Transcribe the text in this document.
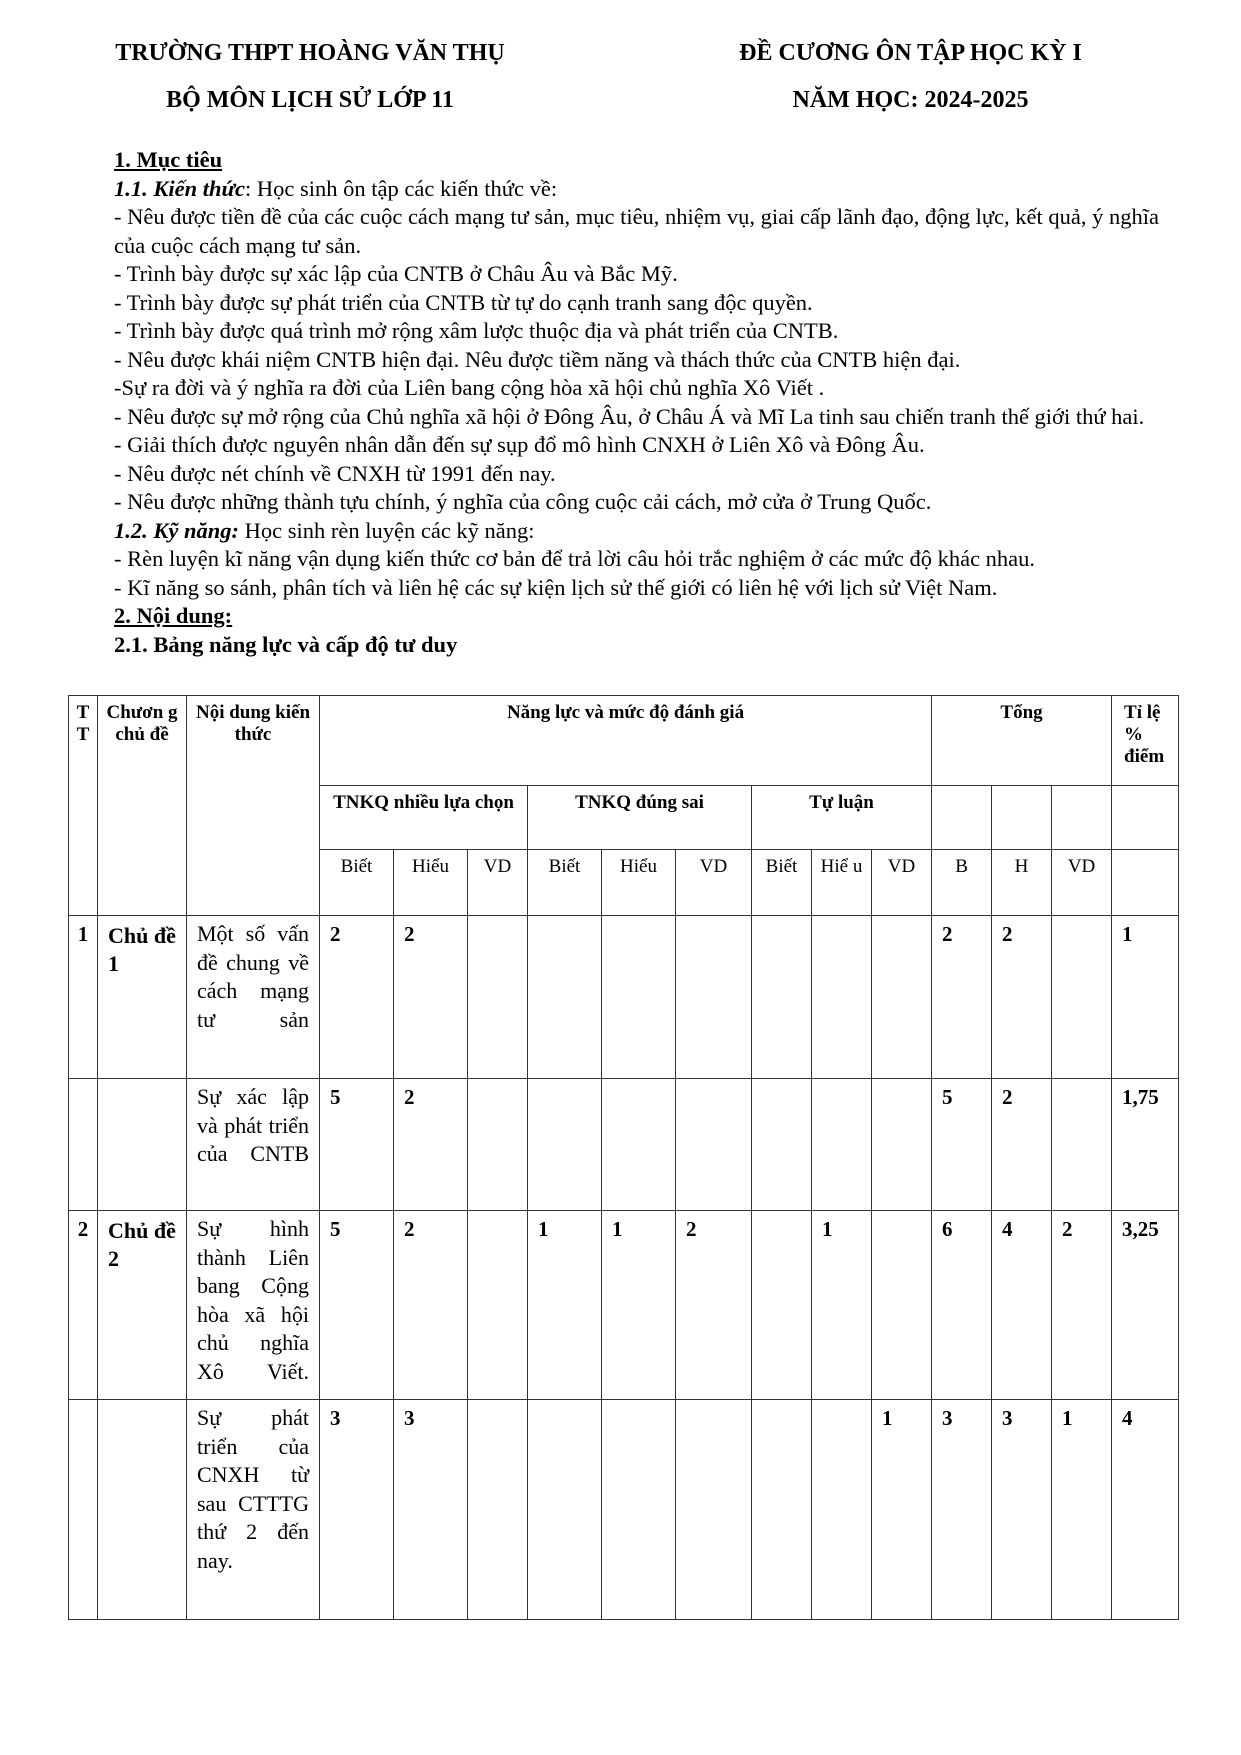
TRƯỜNG THPT HOÀNG VĂN THỤ	ĐỀ CƯƠNG ÔN TẬP HỌC KỲ I
BỘ MÔN LỊCH SỬ LỚP 11	NĂM HỌC: 2024-2025

1. Mục tiêu

1.1. Kiến thức: Học sinh ôn tập các kiến thức về:

- Nêu được tiền đề của các cuộc cách mạng tư sản, mục tiêu, nhiệm vụ, giai cấp lãnh đạo, động lực, kết quả, ý nghĩa của cuộc cách mạng tư sản.

- Trình bày được sự xác lập của CNTB ở Châu Âu và Bắc Mỹ.

- Trình bày được sự phát triển của CNTB từ tự do cạnh tranh sang độc quyền.

- Trình bày được quá trình mở rộng xâm lược thuộc địa và phát triển của CNTB.

- Nêu được khái niệm CNTB hiện đại. Nêu được tiềm năng và thách thức của CNTB hiện đại.

-Sự ra đời và ý nghĩa ra đời của Liên bang cộng hòa xã hội chủ nghĩa Xô Viết .

- Nêu được sự mở rộng của Chủ nghĩa xã hội ở Đông Âu, ở Châu Á và Mĩ La tinh sau chiến tranh thế giới thứ hai.

- Giải thích được nguyên nhân dẫn đến sự sụp đổ mô hình CNXH ở Liên Xô và Đông Âu.

- Nêu được nét chính về CNXH từ 1991 đến nay.

- Nêu được những thành tựu chính, ý nghĩa của công cuộc cải cách, mở cửa ở Trung Quốc.

1.2. Kỹ năng: Học sinh rèn luyện các kỹ năng:

- Rèn luyện kĩ năng vận dụng kiến thức cơ bản để trả lời câu hỏi trắc nghiệm ở các mức độ khác nhau.

- Kĩ năng so sánh, phân tích và liên hệ các sự kiện lịch sử thế giới có liên hệ với lịch sử Việt Nam.

2. Nội dung:

2.1. Bảng năng lực và cấp độ tư duy

T T	Chươn g chủ đề	Nội dung kiến thức	Năng lực và mức độ đánh giá									Tổng			Tỉ lệ % điểm
			TNKQ nhiều lựa chọn			TNKQ đúng sai			Tự luận						
			Biết	Hiểu	VD	Biết	Hiểu	VD	Biết	Hiể u	VD	B	H	VD	
1	Chủ đề 1	Một số vấn đề chung về cách mạng tư sản	2	2								2	2		1
		Sự xác lập và phát triển của CNTB	5	2								5	2		1,75
2	Chủ đề 2	Sự hình thành Liên bang Cộng hòa xã hội chủ nghĩa Xô Viết.	5	2		1	1	2		1		6	4	2	3,25
		Sự phát triển của CNXH từ sau CTTTG thứ 2 đến nay.	3	3							1	3	3	1	4
